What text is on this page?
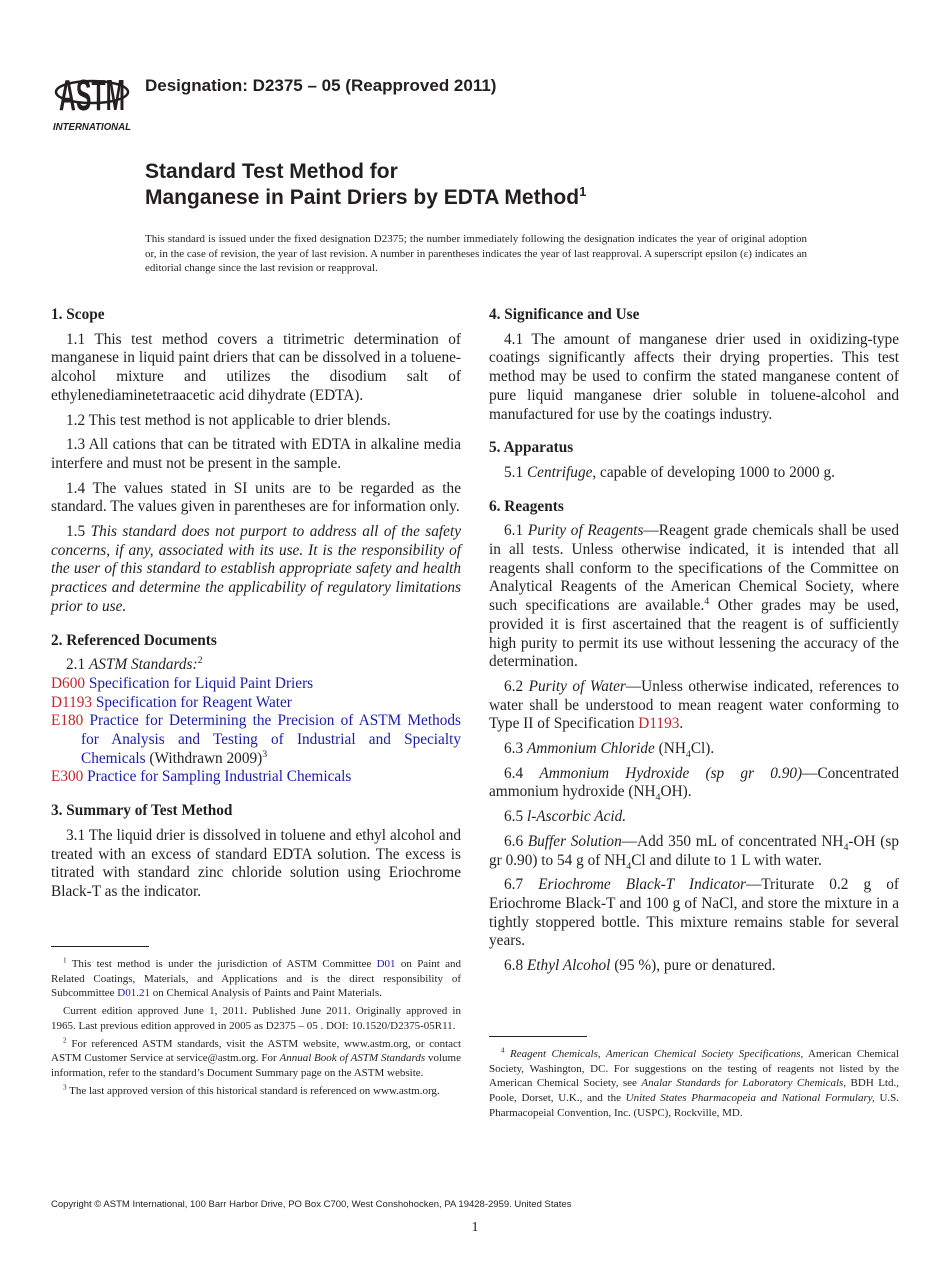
ASTM
INTERNATIONAL
Designation: D2375 – 05 (Reapproved 2011)
Standard Test Method for
Manganese in Paint Driers by EDTA Method$^1$
This standard is issued under the fixed designation D2375; the number immediately following the designation indicates the year of original adoption or, in the case of revision, the year of last revision. A number in parentheses indicates the year of last reapproval. A superscript epsilon (ε) indicates an editorial change since the last revision or reapproval.
1. Scope

1.1 This test method covers a titrimetric determination of manganese in liquid paint driers that can be dissolved in a toluene-alcohol mixture and utilizes the disodium salt of ethylenediaminetetraacetic acid dihydrate (EDTA).

1.2 This test method is not applicable to drier blends.

1.3 All cations that can be titrated with EDTA in alkaline media interfere and must not be present in the sample.

1.4 The values stated in SI units are to be regarded as the standard. The values given in parentheses are for information only.

1.5 This standard does not purport to address all of the safety concerns, if any, associated with its use. It is the responsibility of the user of this standard to establish appropriate safety and health practices and determine the applicability of regulatory limitations prior to use.

2. Referenced Documents

2.1 ASTM Standards:$^2$

D600 Specification for Liquid Paint Driers
D1193 Specification for Reagent Water
E180 Practice for Determining the Precision of ASTM Methods for Analysis and Testing of Industrial and Specialty Chemicals (Withdrawn 2009)$^3$
E300 Practice for Sampling Industrial Chemicals
3. Summary of Test Method

3.1 The liquid drier is dissolved in toluene and ethyl alcohol and treated with an excess of standard EDTA solution. The excess is titrated with standard zinc chloride solution using Eriochrome Black-T as the indicator.

4. Significance and Use

4.1 The amount of manganese drier used in oxidizing-type coatings significantly affects their drying properties. This test method may be used to confirm the stated manganese content of pure liquid manganese drier soluble in toluene-alcohol and manufactured for use by the coatings industry.

5. Apparatus

5.1 Centrifuge, capable of developing 1000 to 2000 g.

6. Reagents

6.1 Purity of Reagents—Reagent grade chemicals shall be used in all tests. Unless otherwise indicated, it is intended that all reagents shall conform to the specifications of the Committee on Analytical Reagents of the American Chemical Society, where such specifications are available.$^4$ Other grades may be used, provided it is first ascertained that the reagent is of sufficiently high purity to permit its use without lessening the accuracy of the determination.

6.2 Purity of Water—Unless otherwise indicated, references to water shall be understood to mean reagent water conforming to Type II of Specification D1193.

6.3 Ammonium Chloride $(NH_4Cl)$.

6.4 Ammonium Hydroxide (sp gr 0.90)—Concentrated ammonium hydroxide $(NH_4OH)$.

6.5 l-Ascorbic Acid.

6.6 Buffer Solution—Add 350 mL of concentrated $NH_4-OH$ (sp gr 0.90) to 54 g of $NH_4Cl$ and dilute to 1 L with water.

6.7 Eriochrome Black-T Indicator—Triturate 0.2 g of Eriochrome Black-T and 100 g of NaCl, and store the mixture in a tightly stoppered bottle. This mixture remains stable for several years.

6.8 Ethyl Alcohol (95 %), pure or denatured.

$^1$ This test method is under the jurisdiction of ASTM Committee D01 on Paint and Related Coatings, Materials, and Applications and is the direct responsibility of Subcommittee D01.21 on Chemical Analysis of Paints and Paint Materials.

Current edition approved June 1, 2011. Published June 2011. Originally approved in 1965. Last previous edition approved in 2005 as D2375 – 05 . DOI: 10.1520/D2375-05R11.

$^2$ For referenced ASTM standards, visit the ASTM website, www.astm.org, or contact ASTM Customer Service at service@astm.org. For Annual Book of ASTM Standards volume information, refer to the standard’s Document Summary page on the ASTM website.

$^3$ The last approved version of this historical standard is referenced on www.astm.org.

$^4$ Reagent Chemicals, American Chemical Society Specifications, American Chemical Society, Washington, DC. For suggestions on the testing of reagents not listed by the American Chemical Society, see Analar Standards for Laboratory Chemicals, BDH Ltd., Poole, Dorset, U.K., and the United States Pharmacopeia and National Formulary, U.S. Pharmacopeial Convention, Inc. (USPC), Rockville, MD.

Copyright © ASTM International, 100 Barr Harbor Drive, PO Box C700, West Conshohocken, PA 19428-2959. United States
1
